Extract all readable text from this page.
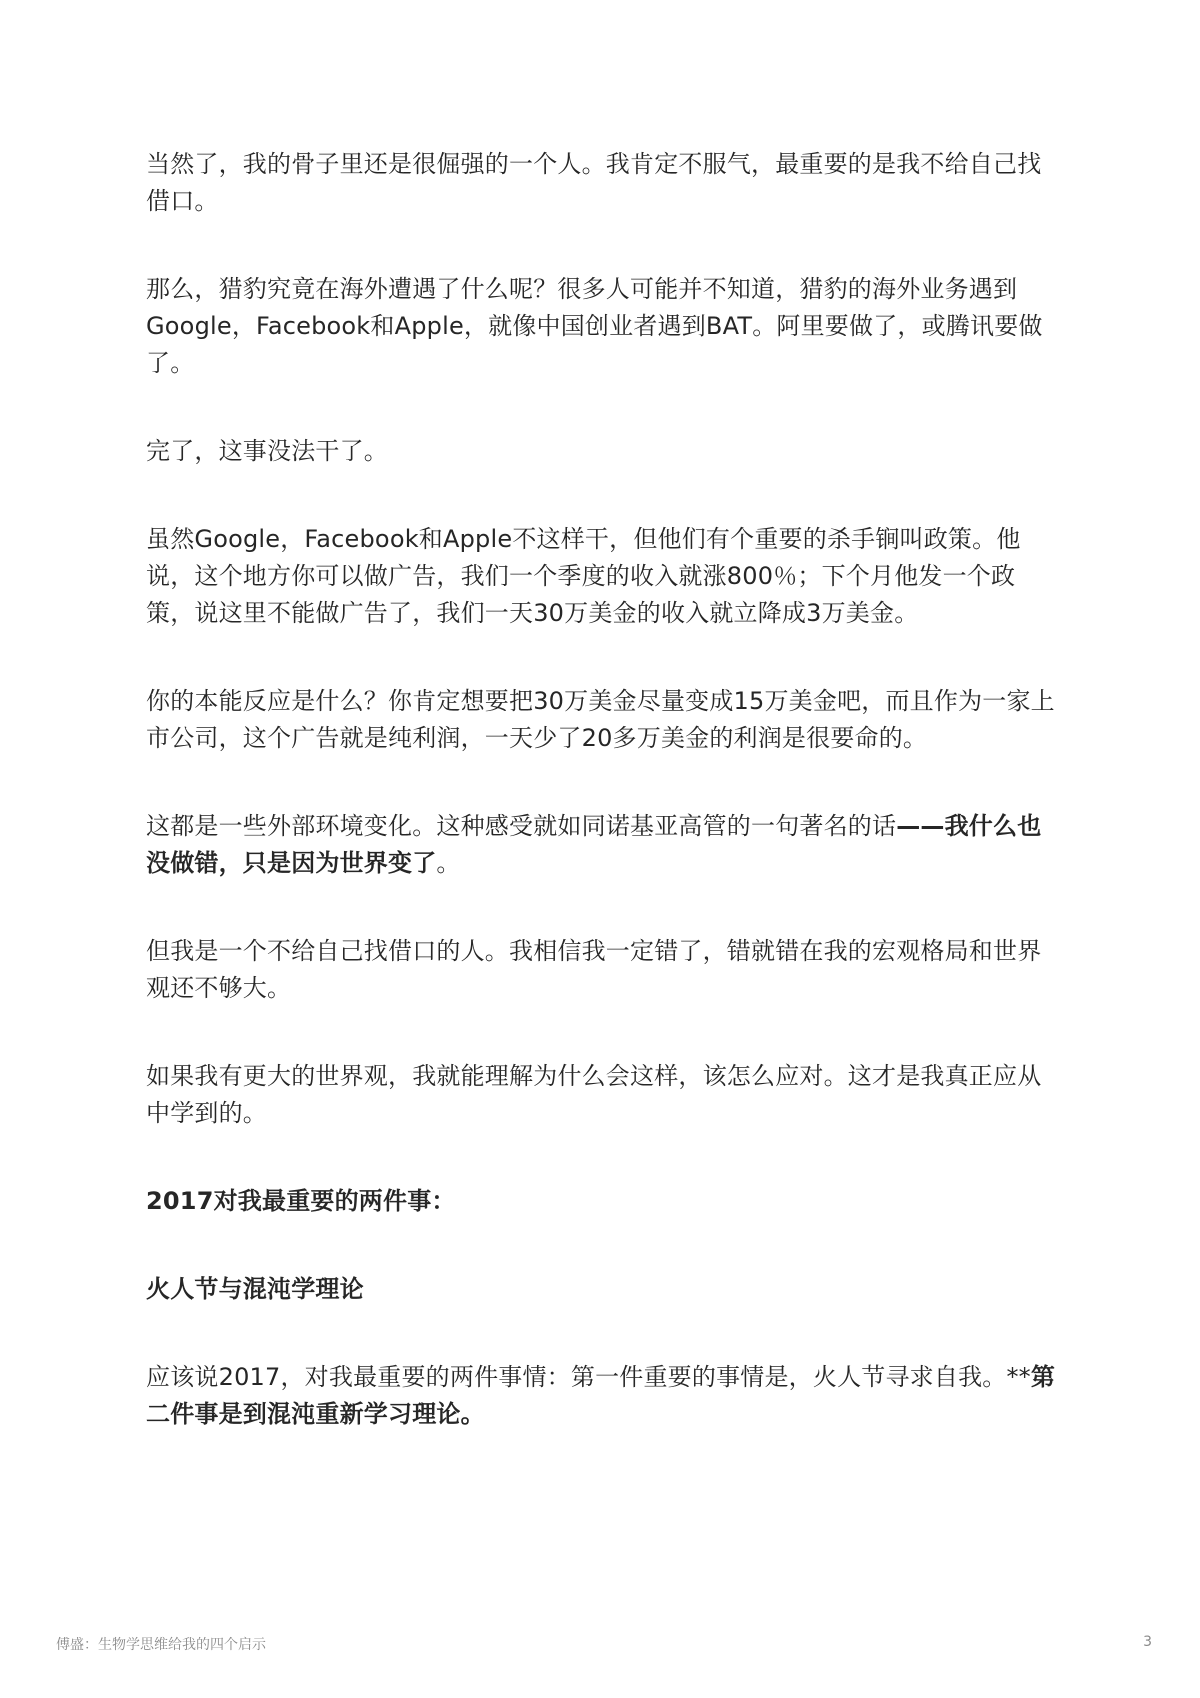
当然了，我的骨子里还是很倔强的一个人。我肯定不服气，最重要的是我不给自己找借口。

那么，猎豹究竟在海外遭遇了什么呢？很多人可能并不知道，猎豹的海外业务遇到Google，Facebook和Apple，就像中国创业者遇到BAT。阿里要做了，或腾讯要做了。

完了，这事没法干了。

虽然Google，Facebook和Apple不这样干，但他们有个重要的杀手锏叫政策。他说，这个地方你可以做广告，我们一个季度的收入就涨800％；下个月他发一个政策，说这里不能做广告了，我们一天30万美金的收入就立降成3万美金。

你的本能反应是什么？你肯定想要把30万美金尽量变成15万美金吧，而且作为一家上市公司，这个广告就是纯利润，一天少了20多万美金的利润是很要命的。

这都是一些外部环境变化。这种感受就如同诺基亚高管的一句著名的话——我什么也没做错，只是因为世界变了。

但我是一个不给自己找借口的人。我相信我一定错了，错就错在我的宏观格局和世界观还不够大。

如果我有更大的世界观，我就能理解为什么会这样，该怎么应对。这才是我真正应从中学到的。

2017对我最重要的两件事：

火人节与混沌学理论

应该说2017，对我最重要的两件事情：第一件重要的事情是，火人节寻求自我。**第二件事是到混沌重新学习理论。

傅盛：生物学思维给我的四个启示	3
